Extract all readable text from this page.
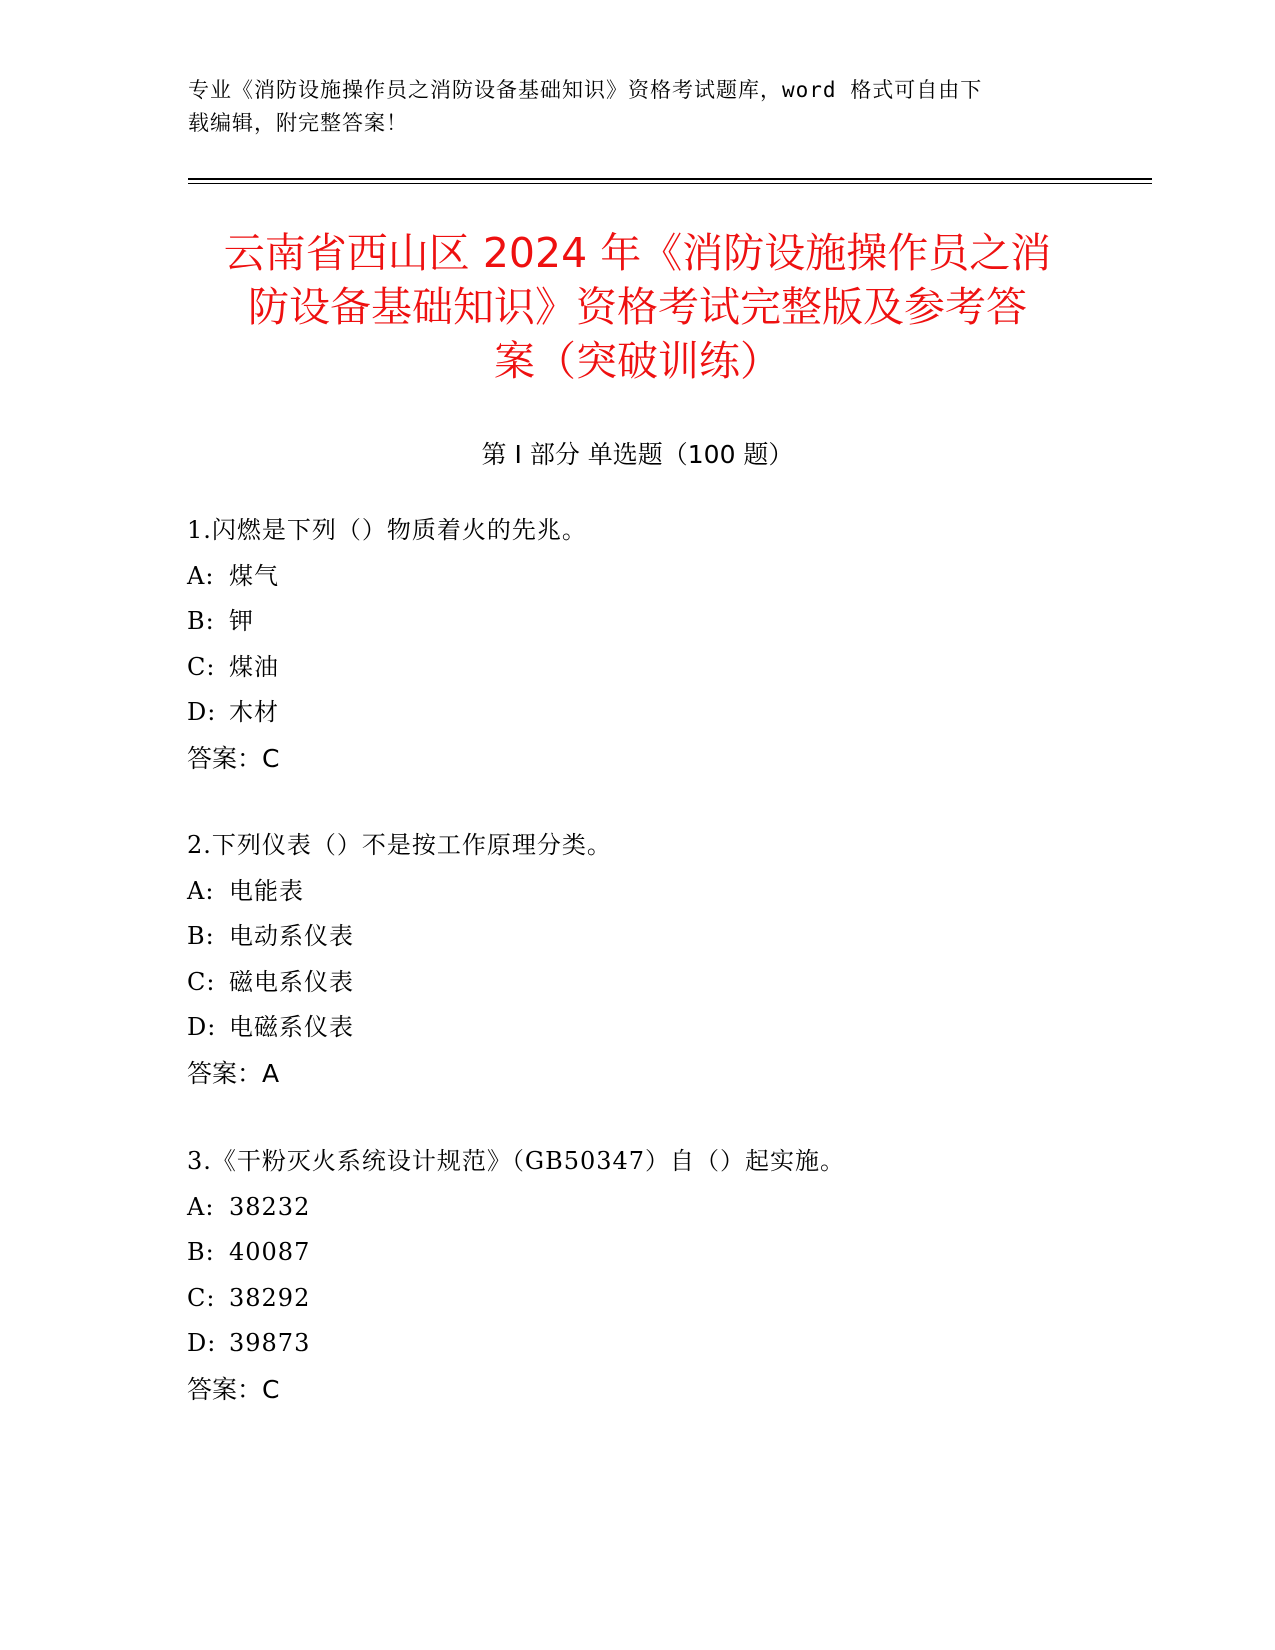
专业《消防设施操作员之消防设备基础知识》资格考试题库，word 格式可自由下
载编辑，附完整答案！

云南省西山区 2024 年《消防设施操作员之消
防设备基础知识》资格考试完整版及参考答
案（突破训练）
第 I 部分 单选题（100 题）
1.闪燃是下列（）物质着火的先兆。
A: 煤气
B: 钾
C: 煤油
D: 木材
答案：C
2.下列仪表（）不是按工作原理分类。
A: 电能表
B: 电动系仪表
C: 磁电系仪表
D: 电磁系仪表
答案：A
3.《干粉灭火系统设计规范》（GB50347）自（）起实施。
A: 38232
B: 40087
C: 38292
D: 39873
答案：C
